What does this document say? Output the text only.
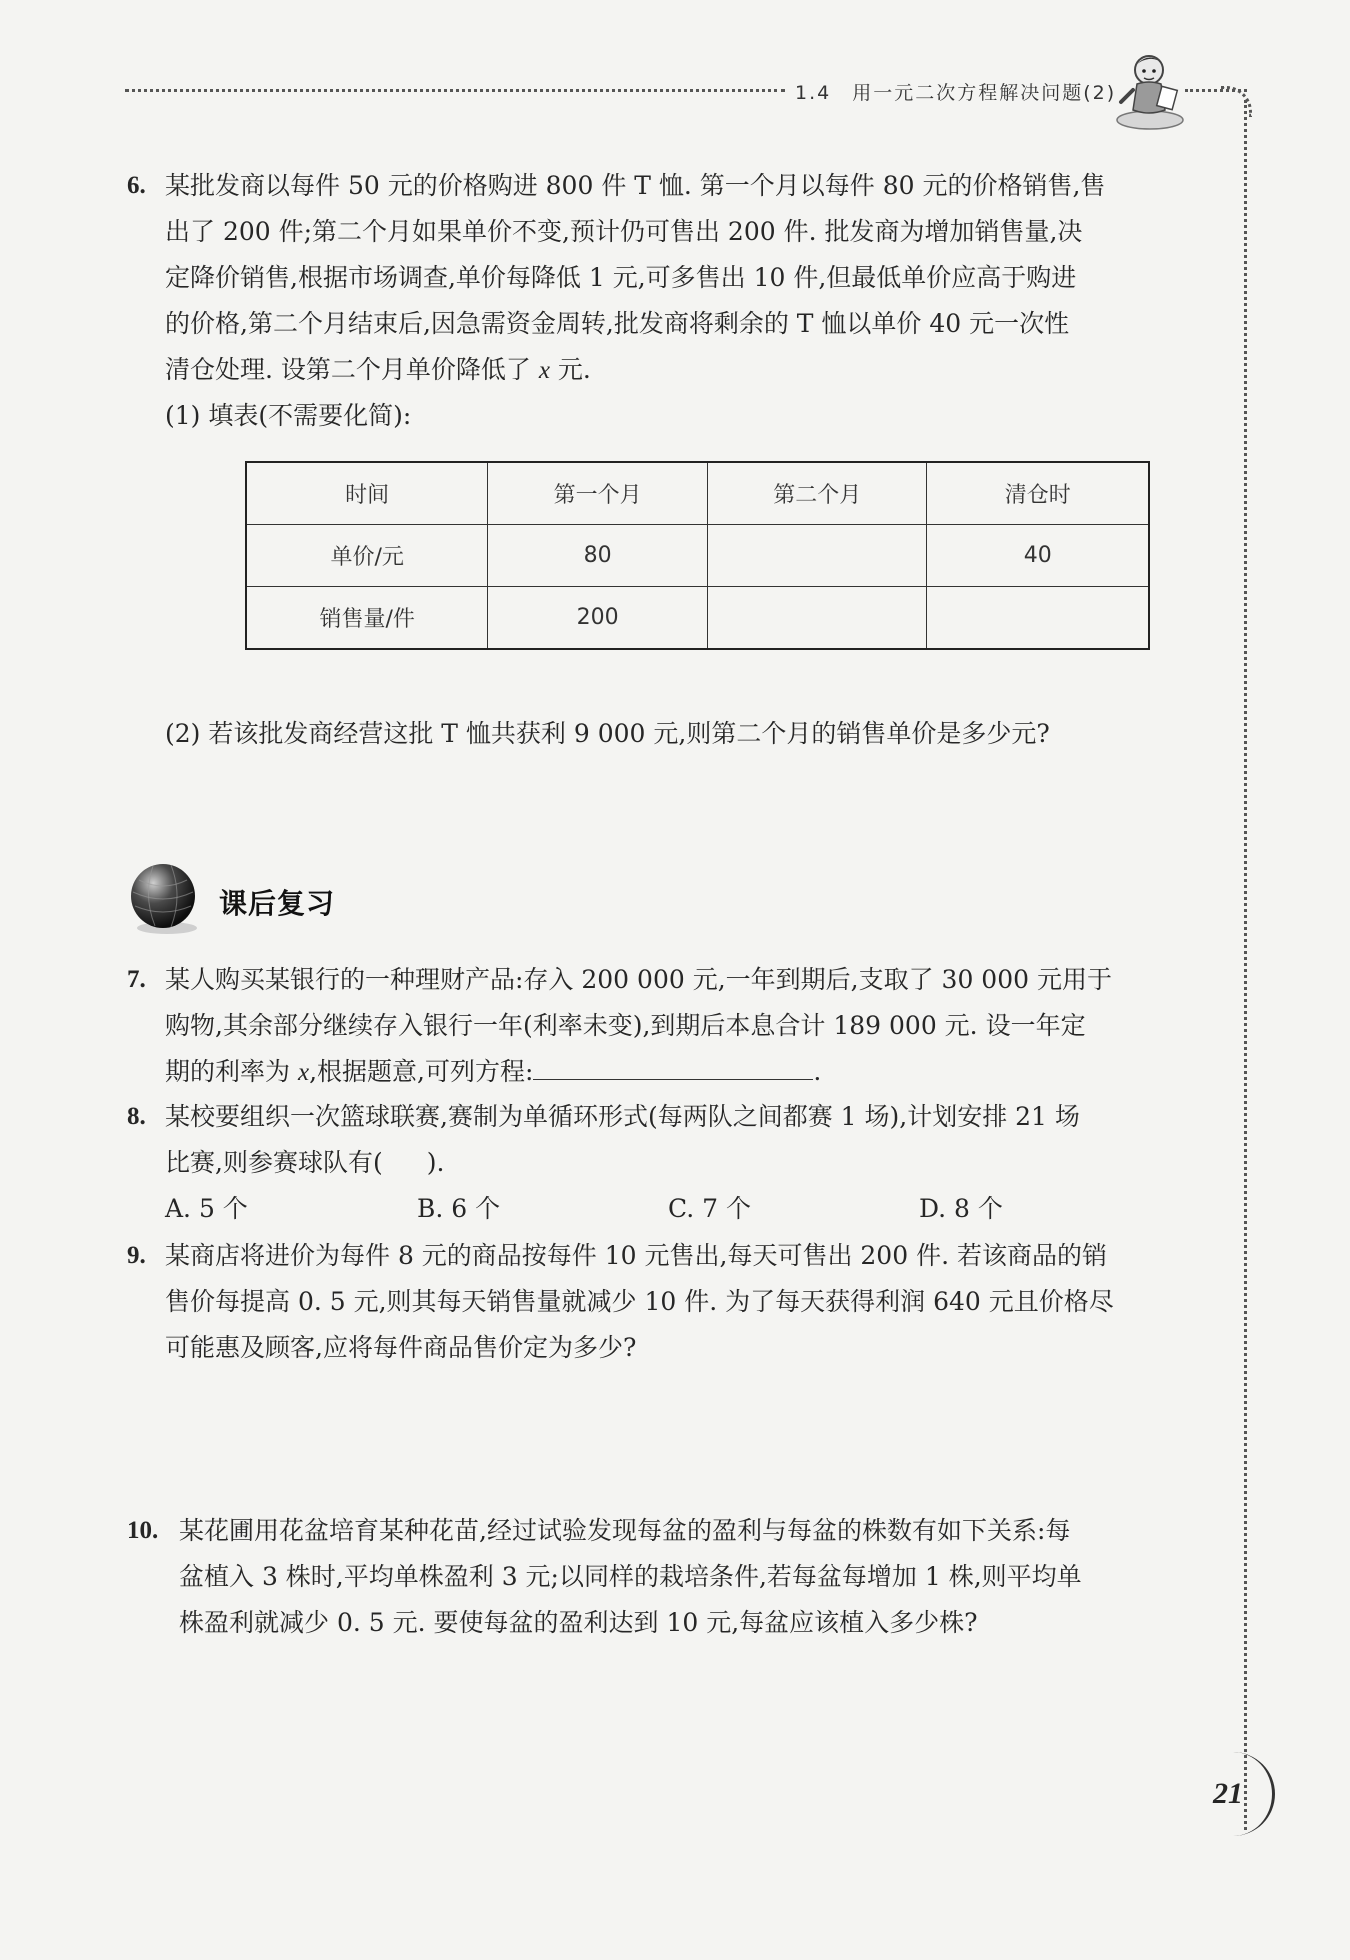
1.4　用一元二次方程解决问题(2)
6. 某批发商以每件 50 元的价格购进 800 件 T 恤. 第一个月以每件 80 元的价格销售,售
出了 200 件;第二个月如果单价不变,预计仍可售出 200 件. 批发商为增加销售量,决
定降价销售,根据市场调查,单价每降低 1 元,可多售出 10 件,但最低单价应高于购进
的价格,第二个月结束后,因急需资金周转,批发商将剩余的 T 恤以单价 40 元一次性
清仓处理. 设第二个月单价降低了 x 元.
(1) 填表(不需要化简):
时间	第一个月	第二个月	清仓时
单价/元	80		40
销售量/件	200		
(2) 若该批发商经营这批 T 恤共获利 9 000 元,则第二个月的销售单价是多少元?
课后复习
7. 某人购买某银行的一种理财产品:存入 200 000 元,一年到期后,支取了 30 000 元用于
购物,其余部分继续存入银行一年(利率未变),到期后本息合计 189 000 元. 设一年定
期的利率为 x,根据题意,可列方程:	.
8. 某校要组织一次篮球联赛,赛制为单循环形式(每两队之间都赛 1 场),计划安排 21 场
比赛,则参赛球队有( ).
A. 5 个	B. 6 个	C. 7 个	D. 8 个
9. 某商店将进价为每件 8 元的商品按每件 10 元售出,每天可售出 200 件. 若该商品的销
售价每提高 0. 5 元,则其每天销售量就减少 10 件. 为了每天获得利润 640 元且价格尽
可能惠及顾客,应将每件商品售价定为多少?
10. 某花圃用花盆培育某种花苗,经过试验发现每盆的盈利与每盆的株数有如下关系:每
盆植入 3 株时,平均单株盈利 3 元;以同样的栽培条件,若每盆每增加 1 株,则平均单
株盈利就减少 0. 5 元. 要使每盆的盈利达到 10 元,每盆应该植入多少株?
21
